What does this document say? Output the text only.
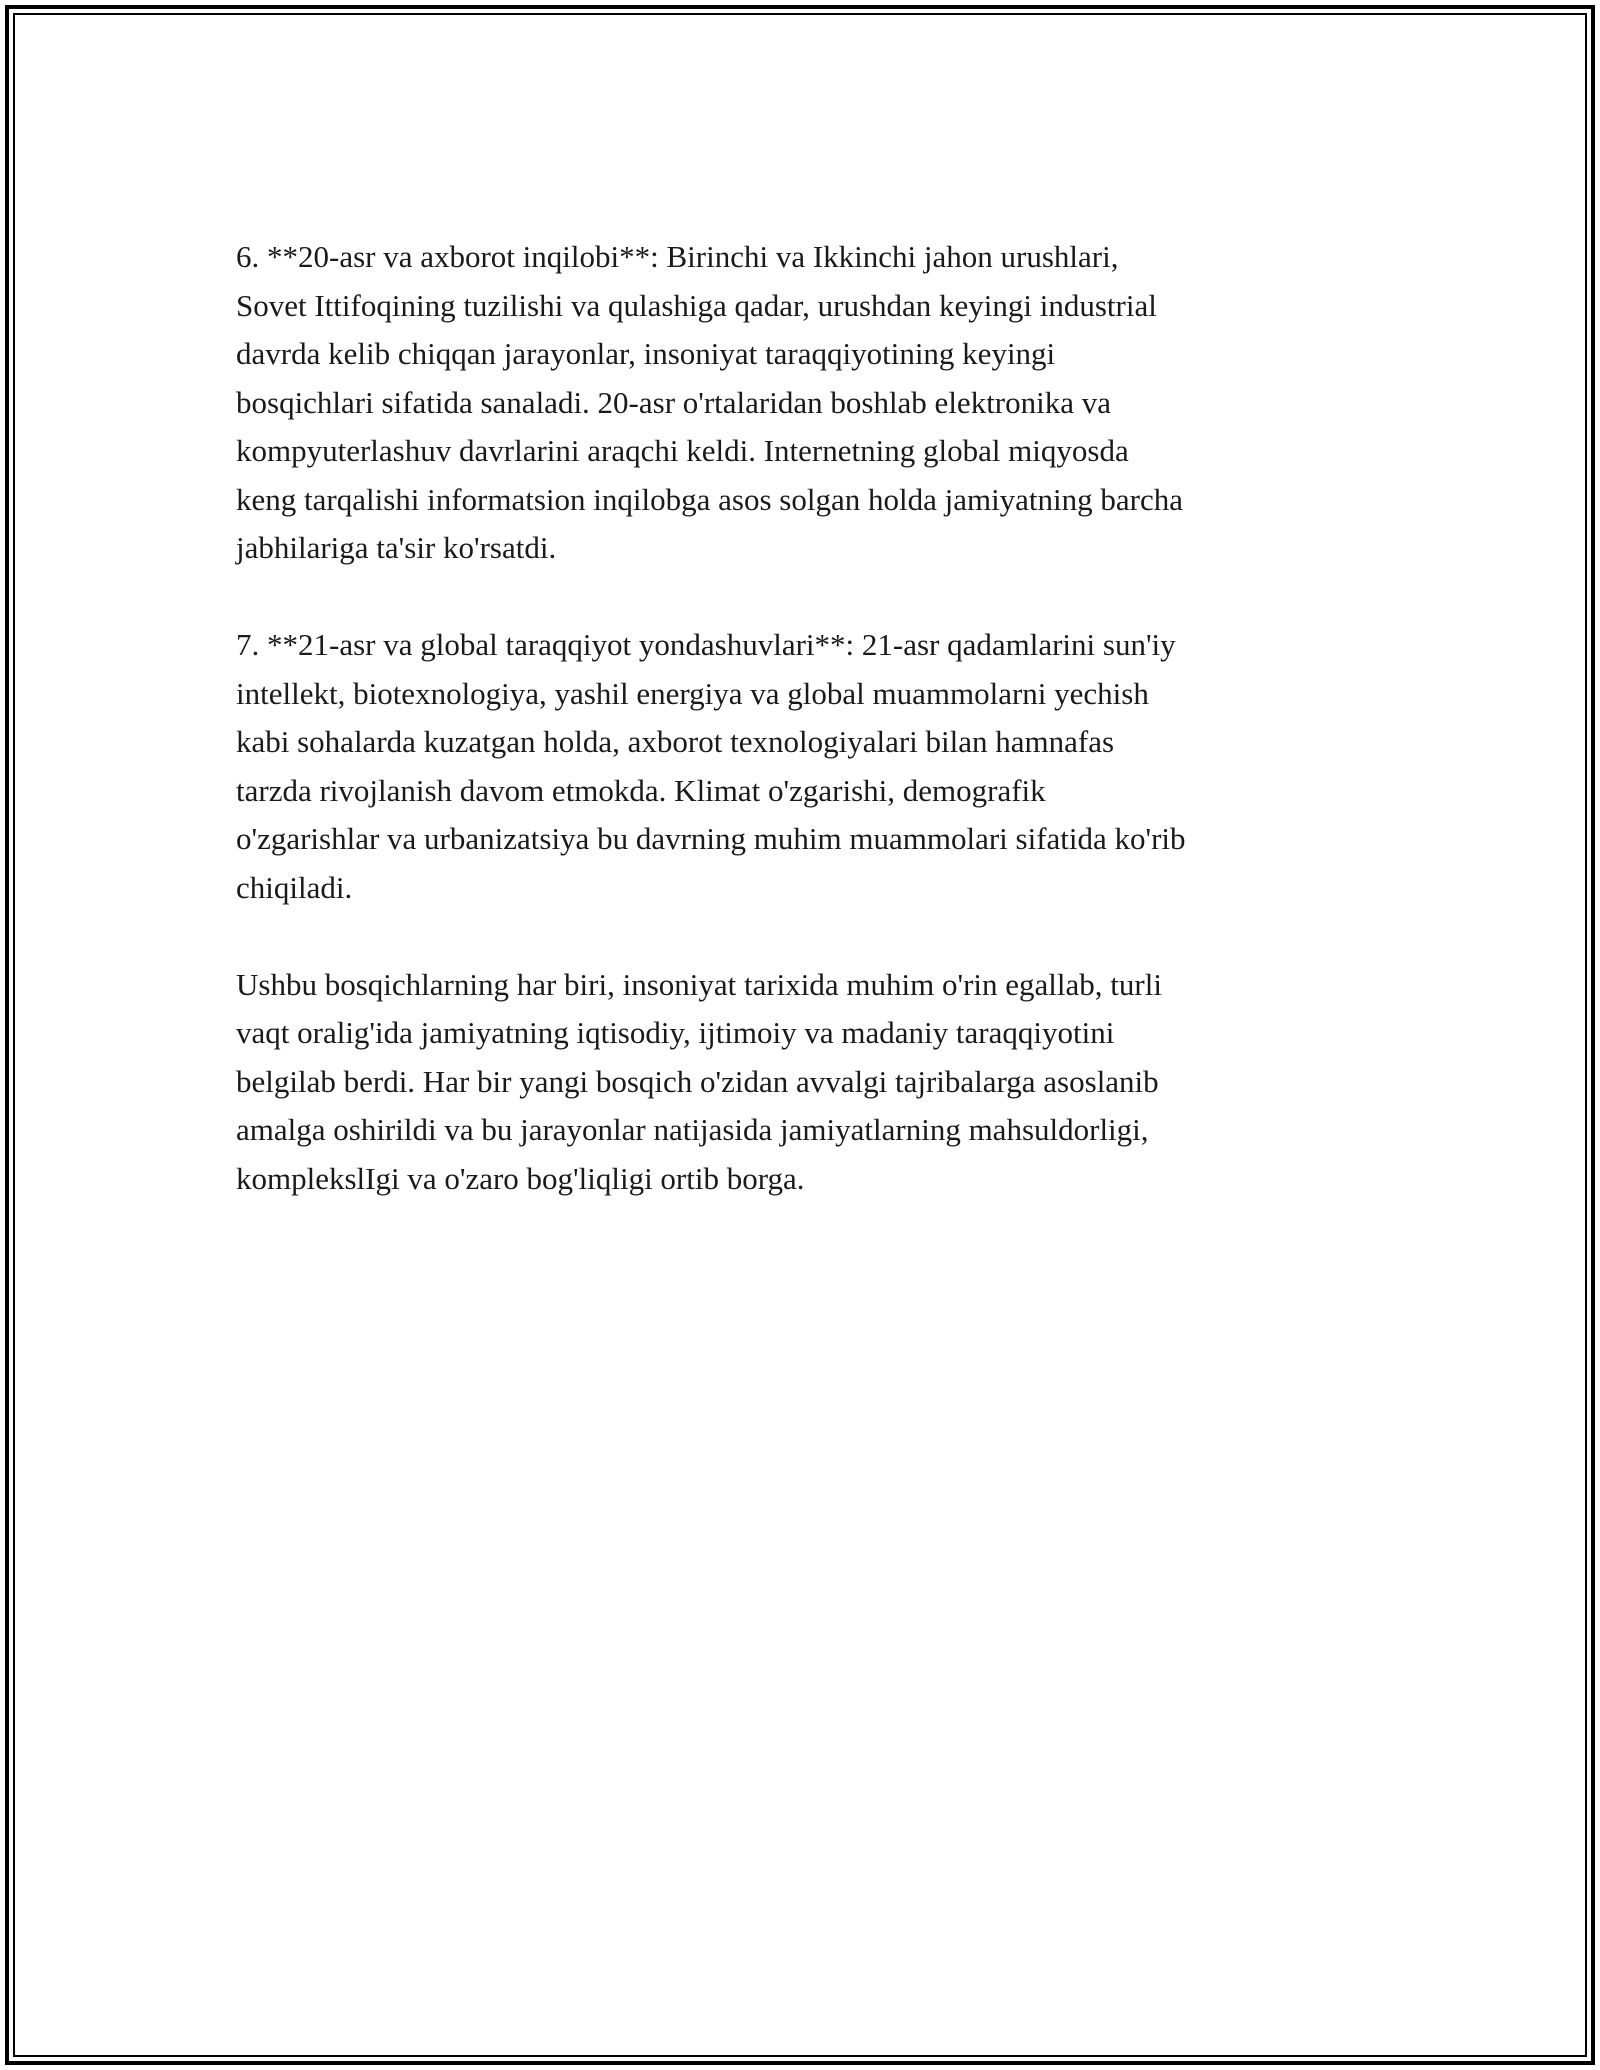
6. **20-asr va axborot inqilobi**: Birinchi va Ikkinchi jahon urushlari,
Sovet Ittifoqining tuzilishi va qulashiga qadar, urushdan keyingi industrial
davrda kelib chiqqan jarayonlar, insoniyat taraqqiyotining keyingi
bosqichlari sifatida sanaladi. 20-asr o'rtalaridan boshlab elektronika va
kompyuterlashuv davrlarini araqchi keldi. Internetning global miqyosda
keng tarqalishi informatsion inqilobga asos solgan holda jamiyatning barcha
jabhilariga ta'sir ko'rsatdi.

7. **21-asr va global taraqqiyot yondashuvlari**: 21-asr qadamlarini sun'iy
intellekt, biotexnologiya, yashil energiya va global muammolarni yechish
kabi sohalarda kuzatgan holda, axborot texnologiyalari bilan hamnafas
tarzda rivojlanish davom etmokda. Klimat o'zgarishi, demografik
o'zgarishlar va urbanizatsiya bu davrning muhim muammolari sifatida ko'rib
chiqiladi.

Ushbu bosqichlarning har biri, insoniyat tarixida muhim o'rin egallab, turli
vaqt oralig'ida jamiyatning iqtisodiy, ijtimoiy va madaniy taraqqiyotini
belgilab berdi. Har bir yangi bosqich o'zidan avvalgi tajribalarga asoslanib
amalga oshirildi va bu jarayonlar natijasida jamiyatlarning mahsuldorligi,
komplekslIgi va o'zaro bog'liqligi ortib borga.
